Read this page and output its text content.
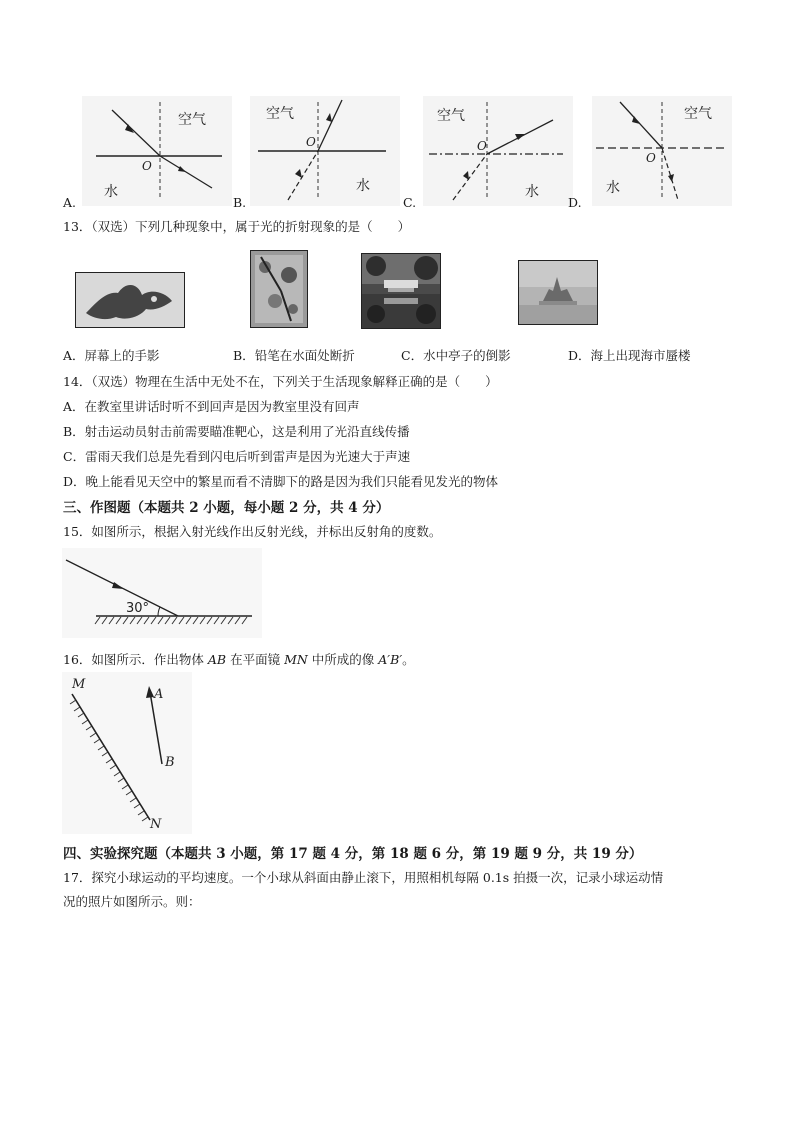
空气
O
水
A.
空气
O
水
B.
空气
O
水
C.
空气
O
水
D.
13．（双选）下列几种现象中，属于光的折射现象的是（　　）
A．屏幕上的手影	B．铅笔在水面处断折	C．水中亭子的倒影	D．海上出现海市蜃楼
14．（双选）物理在生活中无处不在，下列关于生活现象解释正确的是（　　）
A．在教室里讲话时听不到回声是因为教室里没有回声
B．射击运动员射击前需要瞄准靶心，这是利用了光沿直线传播
C．雷雨天我们总是先看到闪电后听到雷声是因为光速大于声速
D．晚上能看见天空中的繁星而看不清脚下的路是因为我们只能看见发光的物体
三、作图题（本题共 2 小题，每小题 2 分，共 4 分）
15．如图所示，根据入射光线作出反射光线，并标出反射角的度数。
30°
16．如图所示．作出物体 AB 在平面镜 MN 中所成的像 A′B′。
M
A
B
N
四、实验探究题（本题共 3 小题，第 17 题 4 分，第 18 题 6 分，第 19 题 9 分，共 19 分）
17．探究小球运动的平均速度。一个小球从斜面由静止滚下，用照相机每隔 0.1s 拍摄一次，记录小球运动情
况的照片如图所示。则：
